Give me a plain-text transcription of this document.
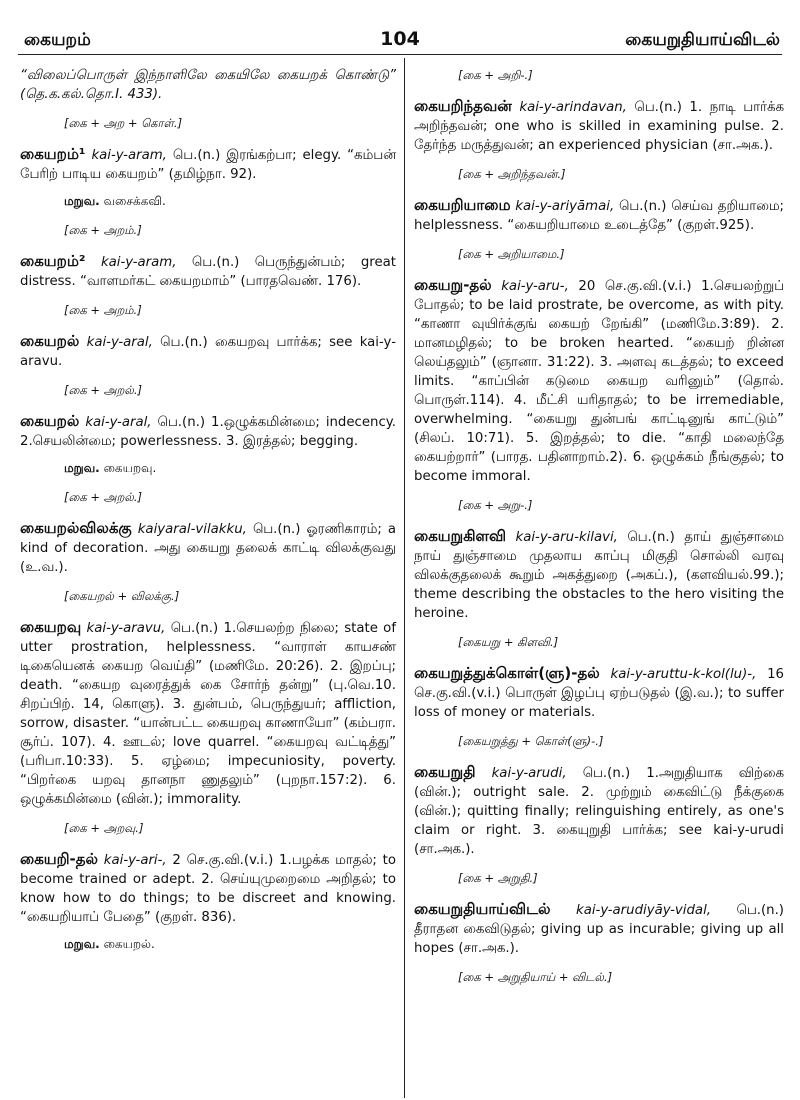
கையறம்	104	கையறுதியாய்விடல்

“விலைப்பொருள் இந்நாளிலே கையிலே கையறக் கொண்டு” (தெ.க.கல்.தொ.I. 433).

[கை + அற + கொள்.]

கையறம்¹ kai-y-aram, பெ.(n.) இரங்கற்பா; elegy. “கம்பன் பேரிற் பாடிய கையறம்” (தமிழ்நா. 92).

மறுவ. வசைக்கவி.
[கை + அறம்.]

கையறம்² kai-y-aram, பெ.(n.) பெருந்துன்பம்; great distress. “வாளமர்கட் கையறமாம்” (பாரதவெண். 176).

[கை + அறம்.]

கையறல் kai-y-aral, பெ.(n.) கையறவு பார்க்க; see kai-y-aravu.

[கை + அறல்.]

கையறல் kai-y-aral, பெ.(n.) 1.ஒழுக்கமின்மை; indecency. 2.செயலின்மை; powerlessness. 3. இரத்தல்; begging.

மறுவ. கையறவு.
[கை + அறல்.]

கையறல்விலக்கு kaiyaral-vilakku, பெ.(n.) ஓரணிகாரம்; a kind of decoration. அது கையறு தலைக் காட்டி விலக்குவது (உ.வ.).

[கையறல் + விலக்கு.]

கையறவு kai-y-aravu, பெ.(n.) 1.செயலற்ற நிலை; state of utter prostration, helplessness. “வாராள் காயசண் டிகையெனக் கையற வெய்தி” (மணிமே. 20:26). 2. இறப்பு; death. “கையற வுரைத்துக் கை சோர்ந் தன்று” (பு.வெ.10. சிறப்பிற். 14, கொளு). 3. துன்பம், பெருந்துயர்; affliction, sorrow, disaster. “யான்பட்ட கையறவு காணாயோ” (கம்பரா. சூர்ப். 107). 4. ஊடல்; love quarrel. “கையறவு வட்டித்து” (பரிபா.10:33). 5. ஏழ்மை; impecuniosity, poverty. “பிறர்கை யறவு தானநா ணுதலும்” (புறநா.157:2). 6. ஒழுக்கமின்மை (வின்.); immorality.

[கை + அறவு.]

கையறி-தல் kai-y-ari-, 2 செ.கு.வி.(v.i.) 1.பழக்க மாதல்; to become trained or adept. 2. செய்யுமுறைமை அறிதல்; to know how to do things; to be discreet and knowing. “கையறியாப் பேதை” (குறள். 836).

மறுவ. கையறல்.
[கை + அறி-.]

கையறிந்தவன் kai-y-arindavan, பெ.(n.) 1. நாடி பார்க்க அறிந்தவன்; one who is skilled in examining pulse. 2. தேர்ந்த மருத்துவன்; an experienced physician (சா.அக.).

[கை + அறிந்தவன்.]

கையறியாமை kai-y-ariyāmai, பெ.(n.) செய்வ தறியாமை; helplessness. “கையறியாமை உடைத்தே” (குறள்.925).

[கை + அறியாமை.]

கையறு-தல் kai-y-aru-, 20 செ.கு.வி.(v.i.) 1.செயலற்றுப் போதல்; to be laid prostrate, be overcome, as with pity. “காணா வுயிர்க்குங் கையற் றேங்கி” (மணிமே.3:89). 2. மானமழிதல்; to be broken hearted. “கையற் றின்ன லெய்தலும்” (ஞானா. 31:22). 3. அளவு கடத்தல்; to exceed limits. “காப்பின் கடுமை கையற வரினும்” (தொல். பொருள்.114). 4. மீட்சி யரிதாதல்; to be irremediable, overwhelming. “கையறு துன்பங் காட்டினுங் காட்டும்” (சிலப். 10:71). 5. இறத்தல்; to die. “காதி மலைந்தே கையற்றார்” (பாரத. பதினாறாம்.2). 6. ஒழுக்கம் நீங்குதல்; to become immoral.

[கை + அறு-.]

கையறுகிளவி kai-y-aru-kilavi, பெ.(n.) தாய் துஞ்சாமை நாய் துஞ்சாமை முதலாய காப்பு மிகுதி சொல்லி வரவு விலக்குதலைக் கூறும் அகத்துறை (அகப்.), (களவியல்.99.); theme describing the obstacles to the hero visiting the heroine.

[கையறு + கிளவி.]

கையறுத்துக்கொள்(ளு)-தல் kai-y-aruttu-k-kol(lu)-, 16 செ.கு.வி.(v.i.) பொருள் இழப்பு ஏற்படுதல் (இ.வ.); to suffer loss of money or materials.

[கையறுத்து + கொள்(ளு)-.]

கையறுதி kai-y-arudi, பெ.(n.) 1.அறுதியாக விற்கை (வின்.); outright sale. 2. முற்றும் கைவிட்டு நீக்குகை (வின்.); quitting finally; relinguishing entirely, as one's claim or right. 3. கையுறுதி பார்க்க; see kai-y-urudi (சா.அக.).

[கை + அறுதி.]

கையறுதியாய்விடல் kai-y-arudiyāy-vidal, பெ.(n.) தீராதன கைவிடுதல்; giving up as incurable; giving up all hopes (சா.அக.).

[கை + அறுதியாய் + விடல்.]
